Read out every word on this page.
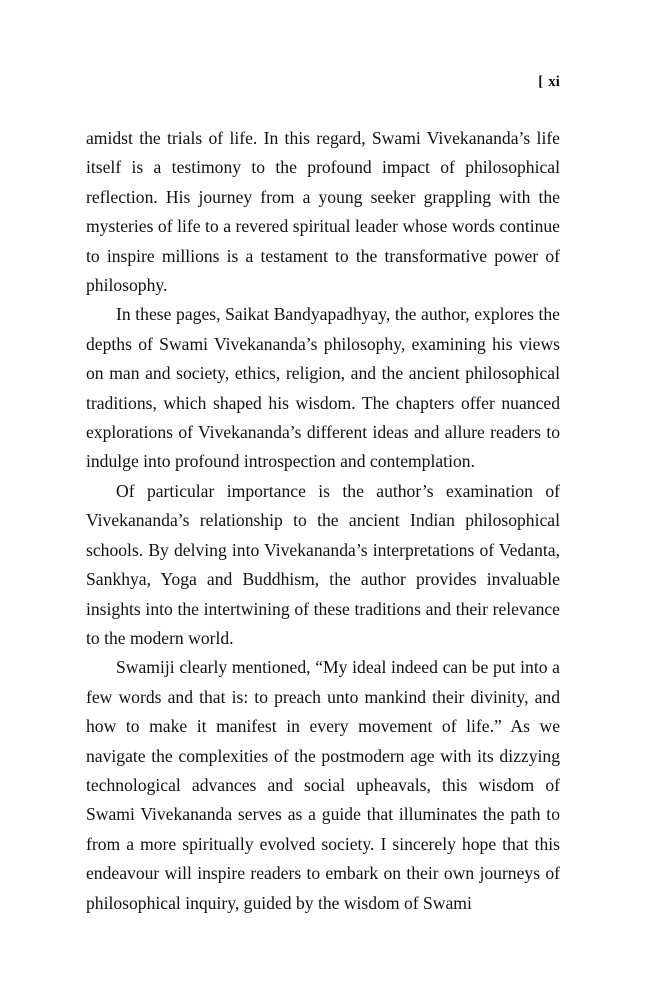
[ xi

amidst the trials of life. In this regard, Swami Vivekananda’s life itself is a testimony to the profound impact of philosophical reflection. His journey from a young seeker grappling with the mysteries of life to a revered spiritual leader whose words continue to inspire millions is a testament to the transformative power of philosophy.

In these pages, Saikat Bandyapadhyay, the author, explores the depths of Swami Vivekananda’s philosophy, examining his views on man and society, ethics, religion, and the ancient philosophical traditions, which shaped his wisdom. The chapters offer nuanced explorations of Vivekananda’s different ideas and allure readers to indulge into profound introspection and contemplation.

Of particular importance is the author’s examination of Vivekananda’s relationship to the ancient Indian philosophical schools. By delving into Vivekananda’s interpretations of Vedanta, Sankhya, Yoga and Buddhism, the author provides invaluable insights into the intertwining of these traditions and their relevance to the modern world.

Swamiji clearly mentioned, “My ideal indeed can be put into a few words and that is: to preach unto mankind their divinity, and how to make it manifest in every movement of life.” As we navigate the complexities of the postmodern age with its dizzying technological advances and social upheavals, this wisdom of Swami Vivekananda serves as a guide that illuminates the path to from a more spiritually evolved society. I sincerely hope that this endeavour will inspire readers to embark on their own journeys of philosophical inquiry, guided by the wisdom of Swami
